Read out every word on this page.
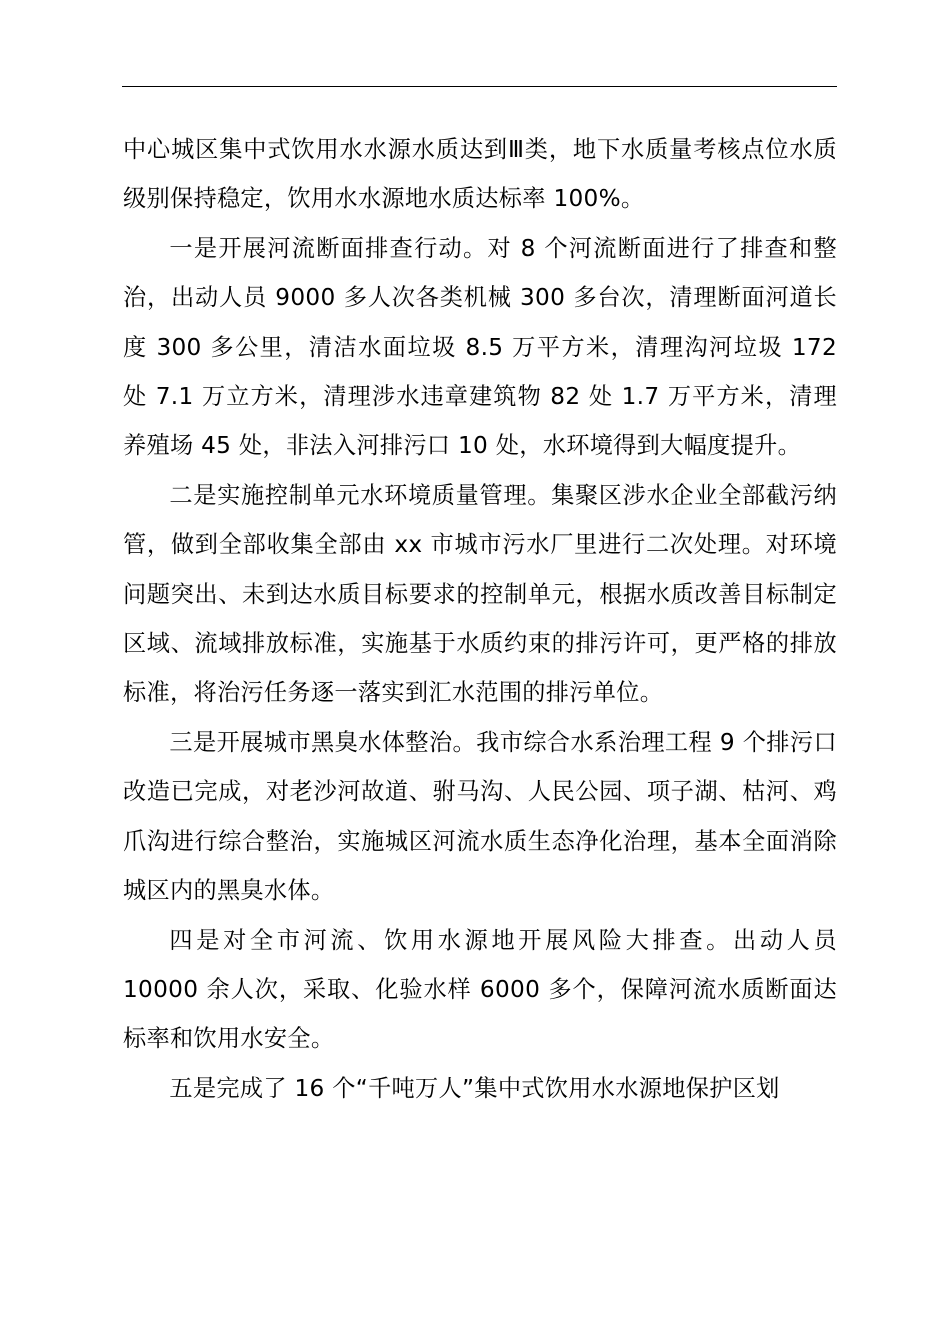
中心城区集中式饮用水水源水质达到Ⅲ类，地下水质量考核点位水质级别保持稳定，饮用水水源地水质达标率 100%。

一是开展河流断面排查行动。对 8 个河流断面进行了排查和整治，出动人员 9000 多人次各类机械 300 多台次，清理断面河道长度 300 多公里，清洁水面垃圾 8.5 万平方米，清理沟河垃圾 172 处 7.1 万立方米，清理涉水违章建筑物 82 处 1.7 万平方米，清理养殖场 45 处，非法入河排污口 10 处，水环境得到大幅度提升。

二是实施控制单元水环境质量管理。集聚区涉水企业全部截污纳管，做到全部收集全部由 xx 市城市污水厂里进行二次处理。对环境问题突出、未到达水质目标要求的控制单元，根据水质改善目标制定区域、流域排放标准，实施基于水质约束的排污许可，更严格的排放标准，将治污任务逐一落实到汇水范围的排污单位。

三是开展城市黑臭水体整治。我市综合水系治理工程 9 个排污口改造已完成，对老沙河故道、驸马沟、人民公园、项子湖、枯河、鸡爪沟进行综合整治，实施城区河流水质生态净化治理，基本全面消除城区内的黑臭水体。

四是对全市河流、饮用水源地开展风险大排查。出动人员 10000 余人次，采取、化验水样 6000 多个，保障河流水质断面达标率和饮用水安全。

五是完成了 16 个“千吨万人”集中式饮用水水源地保护区划
